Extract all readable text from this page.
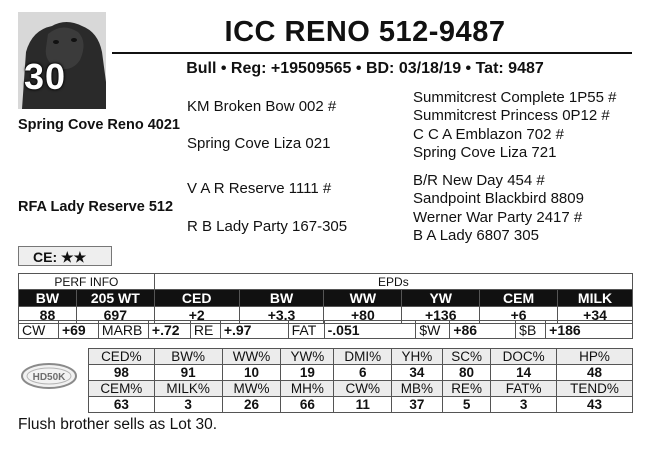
30
ICC RENO 512-9487
Bull • Reg: +19509565 • BD: 03/18/19 • Tat: 9487
KM Broken Bow 002 #
Spring Cove Reno 4021
Spring Cove Liza 021
Summitcrest Complete 1P55 #
Summitcrest Princess 0P12 #
C C A Emblazon 702 #
Spring Cove Liza 721
V A R Reserve 1111 #
RFA Lady Reserve 512
R B Lady Party 167-305
B/R New Day 454 #
Sandpoint Blackbird 8809
Werner War Party 2417 #
B A Lady 6807 305
CE: ★★
PERF INFO		EPDs					
BW	205 WT	CED	BW	WW	YW	CEM	MILK
88	697	+2	+3.3	+80	+136	+6	+34
CW	+69	MARB	+.72	RE	+.97	FAT	-.051	$W	+86	$B	+186
HD50K
CED%	BW%	WW%	YW%	DMI%	YH%	SC%	DOC%	HP%
98	91	10	19	6	34	80	14	48
CEM%	MILK%	MW%	MH%	CW%	MB%	RE%	FAT%	TEND%
63	3	26	66	11	37	5	3	43
Flush brother sells as Lot 30.
